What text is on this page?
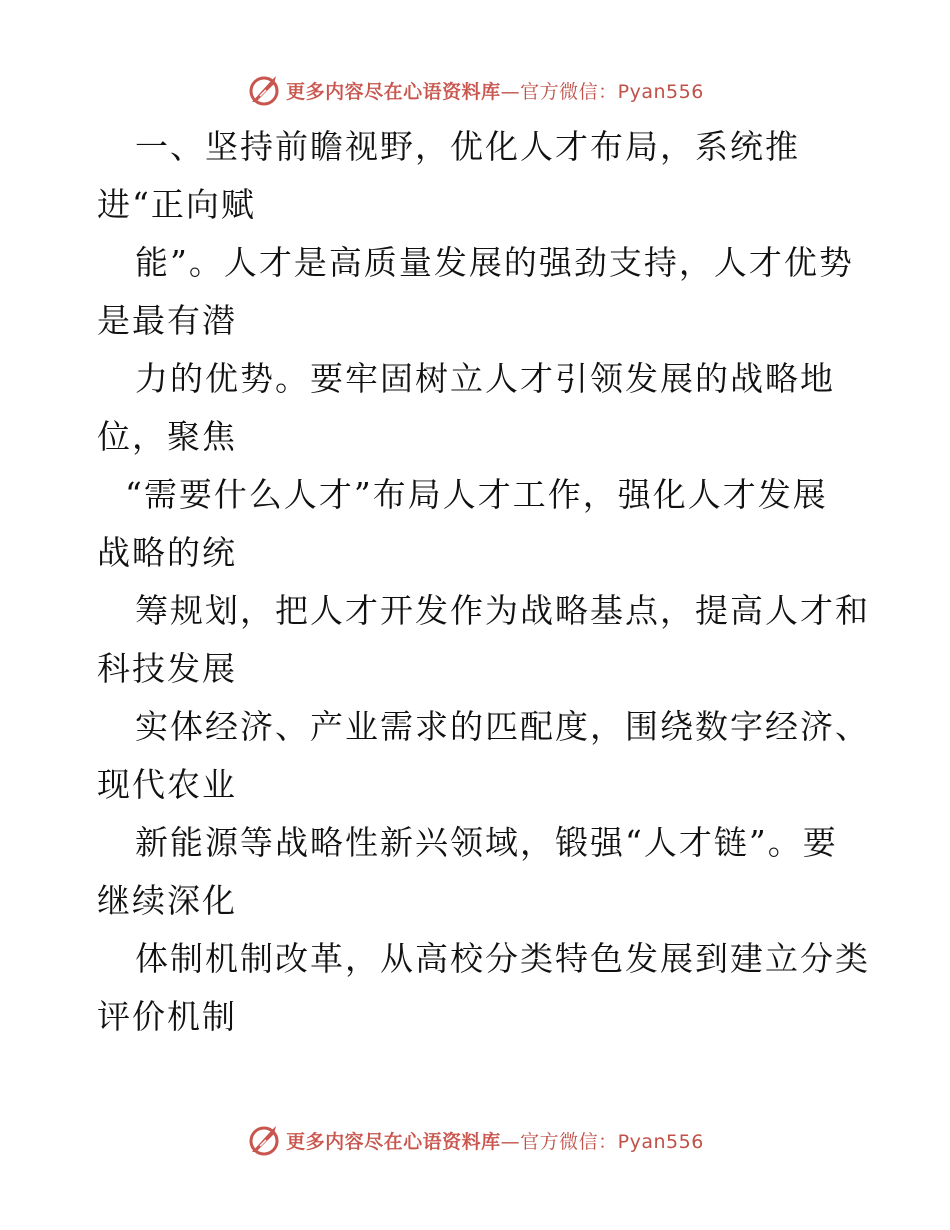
更多内容尽在心语资料库—官方微信：Pyan556
一、坚持前瞻视野，优化人才布局，系统推
进“正向赋
能”。人才是高质量发展的强劲支持，人才优势
是最有潜
力的优势。要牢固树立人才引领发展的战略地
位，聚焦
“需要什么人才”布局人才工作，强化人才发展
战略的统
筹规划，把人才开发作为战略基点，提高人才和
科技发展
实体经济、产业需求的匹配度，围绕数字经济、
现代农业
新能源等战略性新兴领域，锻强“人才链”。要
继续深化
体制机制改革，从高校分类特色发展到建立分类
评价机制
更多内容尽在心语资料库—官方微信：Pyan556
